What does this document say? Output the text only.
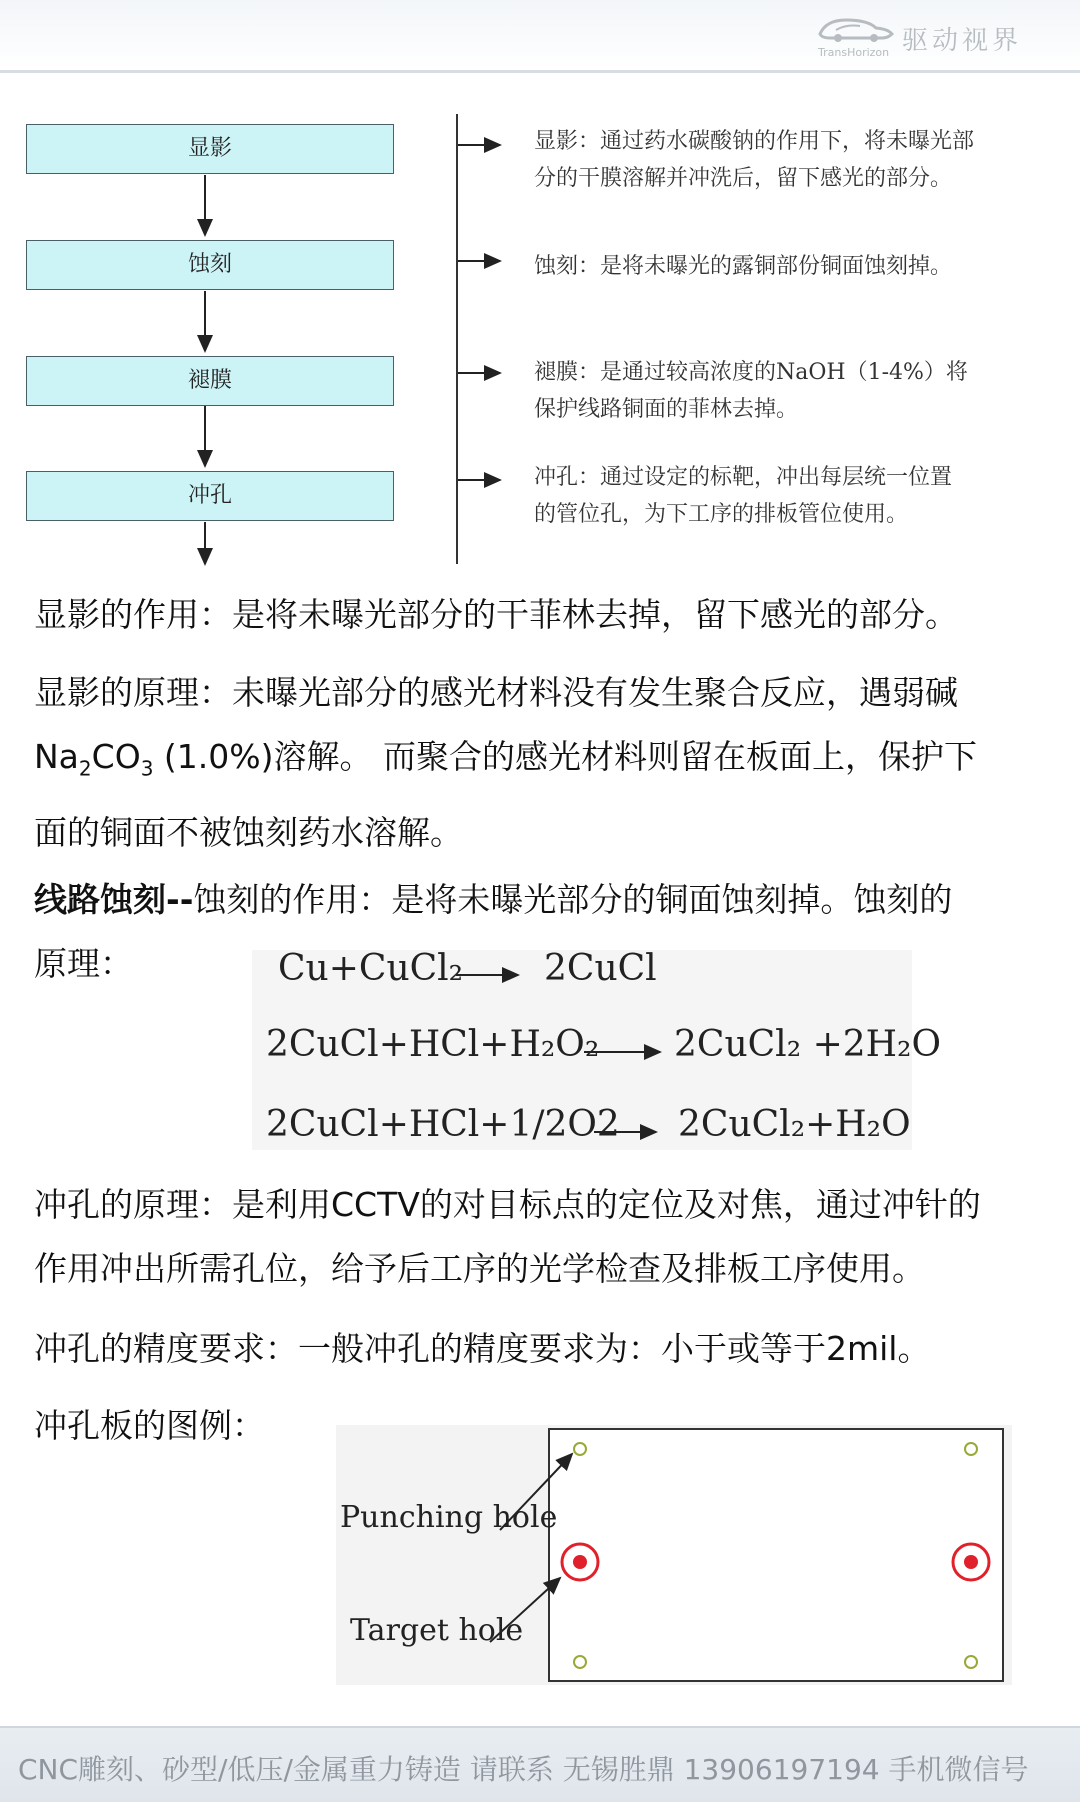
驱动视界
TransHorizon
显影
蚀刻
褪膜
冲孔
显影：通过药水碳酸钠的作用下，将未曝光部
分的干膜溶解并冲洗后，留下感光的部分。
蚀刻：是将未曝光的露铜部份铜面蚀刻掉。
褪膜：是通过较高浓度的NaOH（1-4%）将
保护线路铜面的菲林去掉。
冲孔：通过设定的标靶，冲出每层统一位置
的管位孔，为下工序的排板管位使用。
显影的作用：是将未曝光部分的干菲林去掉，留下感光的部分。
显影的原理：未曝光部分的感光材料没有发生聚合反应，遇弱碱
$Na_2CO_3$ (1.0%)溶解。 而聚合的感光材料则留在板面上，保护下
面的铜面不被蚀刻药水溶解。
线路蚀刻--蚀刻的作用：是将未曝光部分的铜面蚀刻掉。蚀刻的
原理：	Cu+CuCl₂ 2CuCl
2CuCl+HCl+H₂O₂ 2CuCl₂ +2H₂O
2CuCl+HCl+1/2O2 2CuCl₂+H₂O
冲孔的原理：是利用CCTV的对目标点的定位及对焦，通过冲针的
作用冲出所需孔位，给予后工序的光学检查及排板工序使用。
冲孔的精度要求：一般冲孔的精度要求为：小于或等于2mil。
冲孔板的图例：
Punching hole
Target hole
CNC雕刻、砂型/低压/金属重力铸造 请联系 无锡胜鼎 13906197194 手机微信号
